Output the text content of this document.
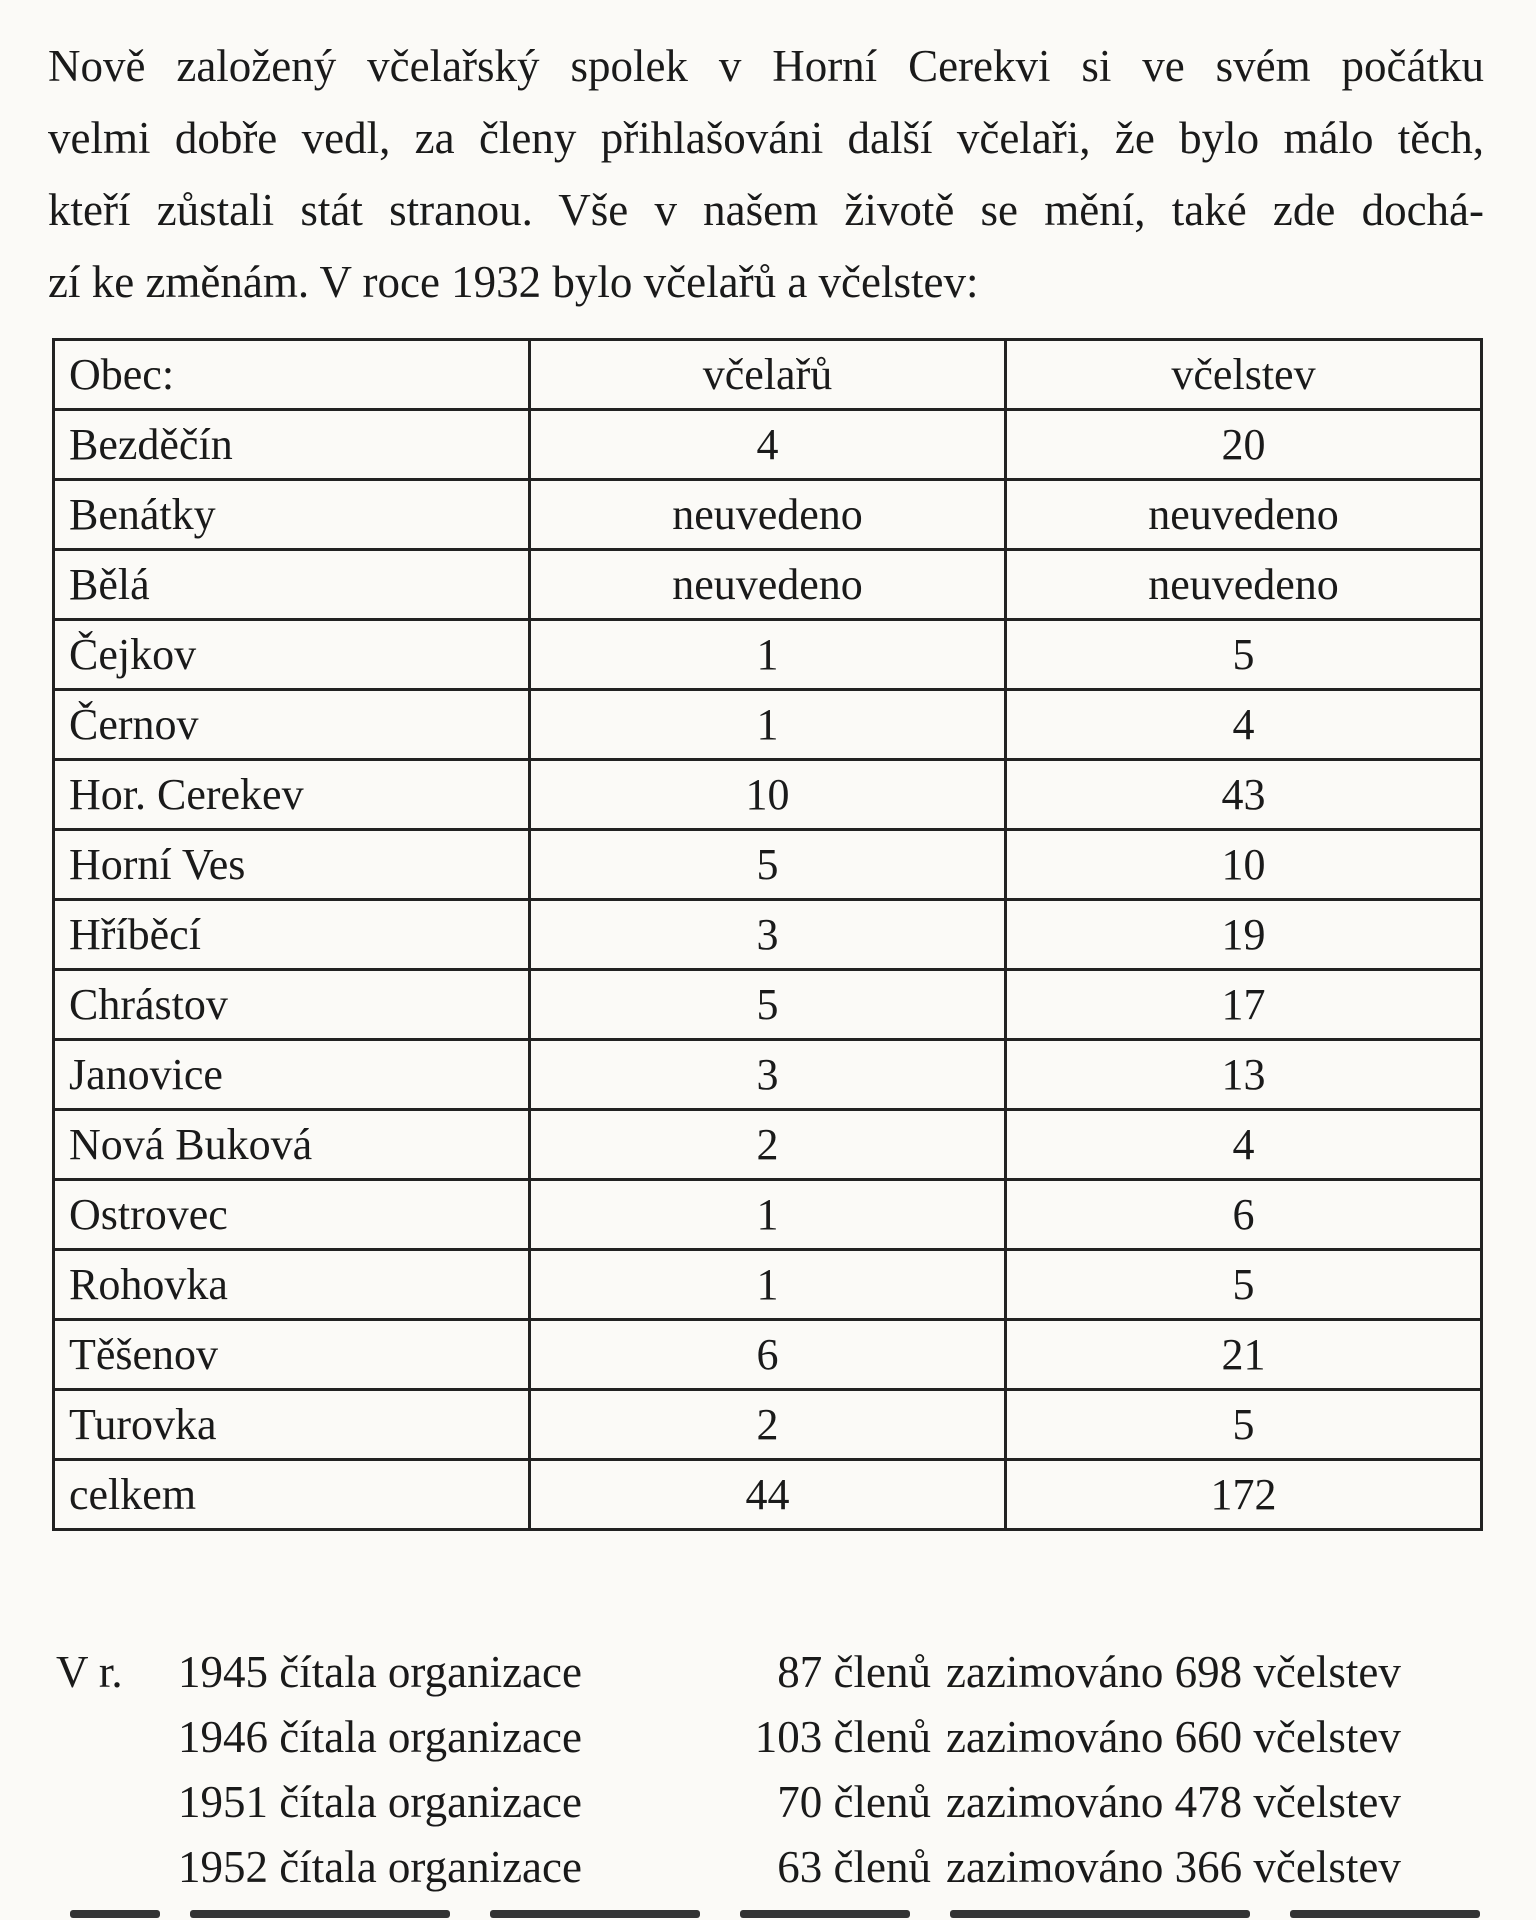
Nově založený včelařský spolek v Horní Cerekvi si ve svém počátku
velmi dobře vedl, za členy přihlašováni další včelaři, že bylo málo těch,
kteří zůstali stát stranou. Vše v našem životě se mění, také zde dochá-
zí ke změnám. V roce 1932 bylo včelařů a včelstev:
Obec:	včelařů	včelstev
Bezděčín	4	20
Benátky	neuvedeno	neuvedeno
Bělá	neuvedeno	neuvedeno
Čejkov	1	5
Černov	1	4
Hor. Cerekev	10	43
Horní Ves	5	10
Hříběcí	3	19
Chrástov	5	17
Janovice	3	13
Nová Buková	2	4
Ostrovec	1	6
Rohovka	1	5
Těšenov	6	21
Turovka	2	5
celkem	44	172
V r. 1945 čítala organizace	87 členů zazimováno 698 včelstev
1946 čítala organizace	103 členů zazimováno 660 včelstev
1951 čítala organizace	70 členů zazimováno 478 včelstev
1952 čítala organizace	63 členů zazimováno 366 včelstev
